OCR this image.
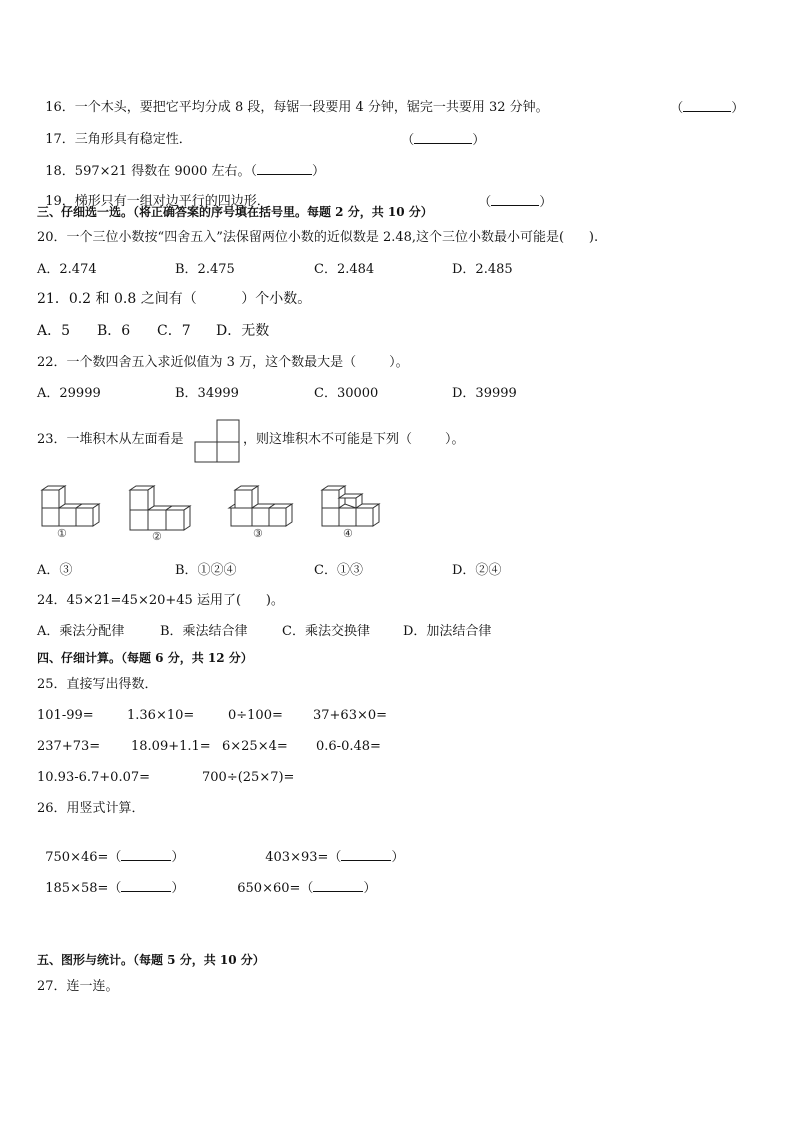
16．一个木头，要把它平均分成 8 段，每锯一段要用 4 分钟，锯完一共要用 32 分钟。	（	）

17．三角形具有稳定性．	（	）

18．597×21 得数在 9000 左右。（	）

19．梯形只有一组对边平行的四边形．	（	）

三、仔细选一选。（将正确答案的序号填在括号里。每题 2 分，共 10 分）
20．一个三位小数按“四舍五入”法保留两位小数的近似数是 2.48,这个三位小数最小可能是(      ).
A．2.474	B．2.475	C．2.484	D．2.485
21．0.2 和 0.8 之间有（          ）个小数。
A．5 B．6 C．7 D．无数
22．一个数四舍五入求近似值为 3 万，这个数最大是（        ）。
A．29999	B．34999	C．30000	D．39999
23．一堆积木从左面看是	，则这堆积木不可能是下列（        ）。
①	②	③	④
A．③	B．①②④	C．①③	D．②④
24．45×21=45×20+45 运用了(      )。
A．乘法分配律	B．乘法结合律	C．乘法交换律	D．加法结合律
四、仔细计算。（每题 6 分，共 12 分）
25．直接写出得数．
101-99=	1.36×10=	0÷100= 37+63×0=
237+73= 18.09+1.1= 6×25×4= 0.6-0.48=
10.93-6.7+0.07=	700÷(25×7)=
26．用竖式计算．

750×46=（	）	403×93=（	）

185×58=（	）	650×60=（	）

五、图形与统计。（每题 5 分，共 10 分）
27．连一连。
